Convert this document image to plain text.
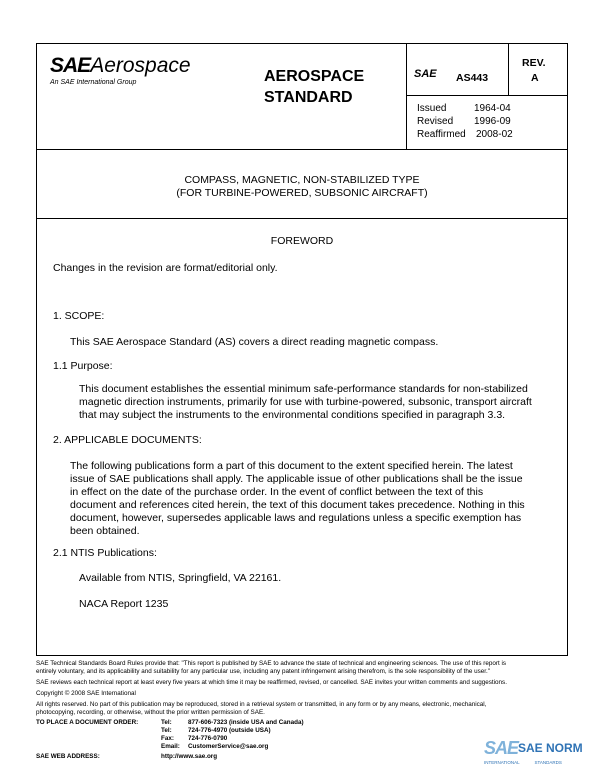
SAEAerospace
An SAE International Group	AEROSPACE
STANDARD
SAE AS443
REV.
A
Issued	1964-04
Revised 1996-09
Reaffirmed 2008-02
COMPASS, MAGNETIC, NON-STABILIZED TYPE
(FOR TURBINE-POWERED, SUBSONIC AIRCRAFT)
FOREWORD
Changes in the revision are format/editorial only.
1. SCOPE:
This SAE Aerospace Standard (AS) covers a direct reading magnetic compass.
1.1 Purpose:
This document establishes the essential minimum safe-performance standards for non-stabilized
magnetic direction instruments, primarily for use with turbine-powered, subsonic, transport aircraft
that may subject the instruments to the environmental conditions specified in paragraph 3.3.
2. APPLICABLE DOCUMENTS:
The following publications form a part of this document to the extent specified herein. The latest
issue of SAE publications shall apply. The applicable issue of other publications shall be the issue
in effect on the date of the purchase order. In the event of conflict between the text of this
document and references cited herein, the text of this document takes precedence. Nothing in this
document, however, supersedes applicable laws and regulations unless a specific exemption has
been obtained.
2.1 NTIS Publications:
Available from NTIS, Springfield, VA 22161.
NACA Report 1235
SAE Technical Standards Board Rules provide that: "This report is published by SAE to advance the state of technical and engineering sciences. The use of this report is
entirely voluntary, and its applicability and suitability for any particular use, including any patent infringement arising therefrom, is the sole responsibility of the user."
SAE reviews each technical report at least every five years at which time it may be reaffirmed, revised, or cancelled. SAE invites your written comments and suggestions.
Copyright © 2008 SAE International
All rights reserved. No part of this publication may be reproduced, stored in a retrieval system or transmitted, in any form or by any means, electronic, mechanical,
photocopying, recording, or otherwise, without the prior written permission of SAE.
TO PLACE A DOCUMENT ORDER:	Tel:	877-606-7323 (inside USA and Canada)
Tel:	724-776-4970 (outside USA)
Fax: 724-776-0790
Email: CustomerService@sae.org
SAE WEB ADDRESS:	http://www.sae.org	SAE SAE NORM
INTERNATIONAL            STANDARDS
